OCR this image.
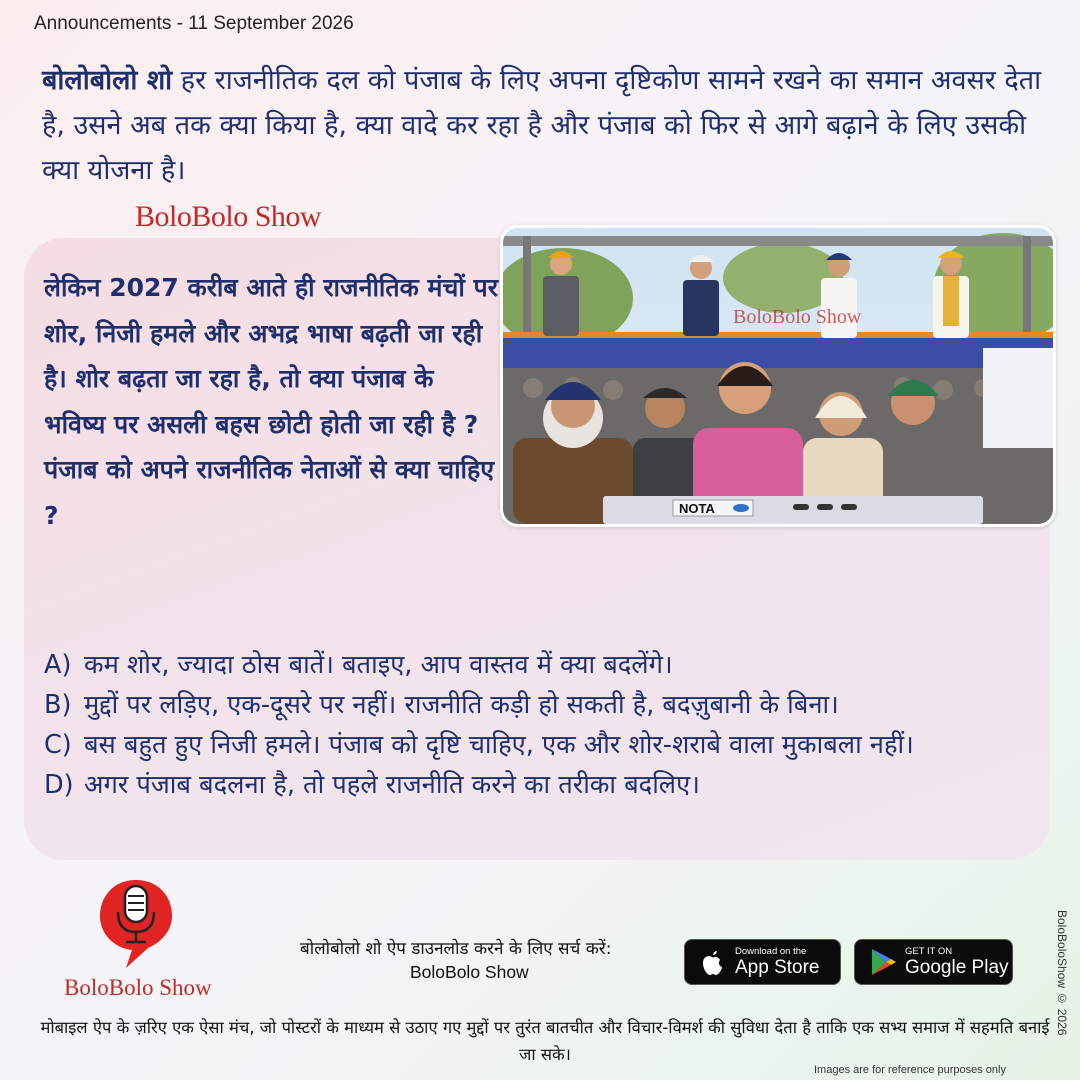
Announcements - 11 September 2026
बोलोबोलो शो हर राजनीतिक दल को पंजाब के लिए अपना दृष्टिकोण सामने रखने का समान अवसर देता है, उसने अब तक क्या किया है, क्या वादे कर रहा है और पंजाब को फिर से आगे बढ़ाने के लिए उसकी क्या योजना है।
BoloBolo Show
लेकिन 2027 करीब आते ही राजनीतिक मंचों पर शोर, निजी हमले और अभद्र भाषा बढ़ती जा रही है। शोर बढ़ता जा रहा है, तो क्या पंजाब के भविष्य पर असली बहस छोटी होती जा रही है ?
पंजाब को अपने राजनीतिक नेताओं से क्या चाहिए ?
BoloBolo Show
NOTA
A) कम शोर, ज्यादा ठोस बातें। बताइए, आप वास्तव में क्या बदलेंगे।
B) मुद्दों पर लड़िए, एक-दूसरे पर नहीं। राजनीति कड़ी हो सकती है, बदज़ुबानी के बिना।
C) बस बहुत हुए निजी हमले। पंजाब को दृष्टि चाहिए, एक और शोर-शराबे वाला मुकाबला नहीं।
D) अगर पंजाब बदलना है, तो पहले राजनीति करने का तरीका बदलिए।
BoloBolo Show
बोलोबोलो शो ऐप डाउनलोड करने के लिए सर्च करें:
BoloBolo Show
Download on the
App Store
GET IT ON
Google Play
मोबाइल ऐप के ज़रिए एक ऐसा मंच, जो पोस्टरों के माध्यम से उठाए गए मुद्दों पर तुरंत बातचीत और विचार-विमर्श की सुविधा देता है ताकि एक सभ्य समाज में सहमति बनाई जा सके।
BoloBoloShow © 2026
Images are for reference purposes only
